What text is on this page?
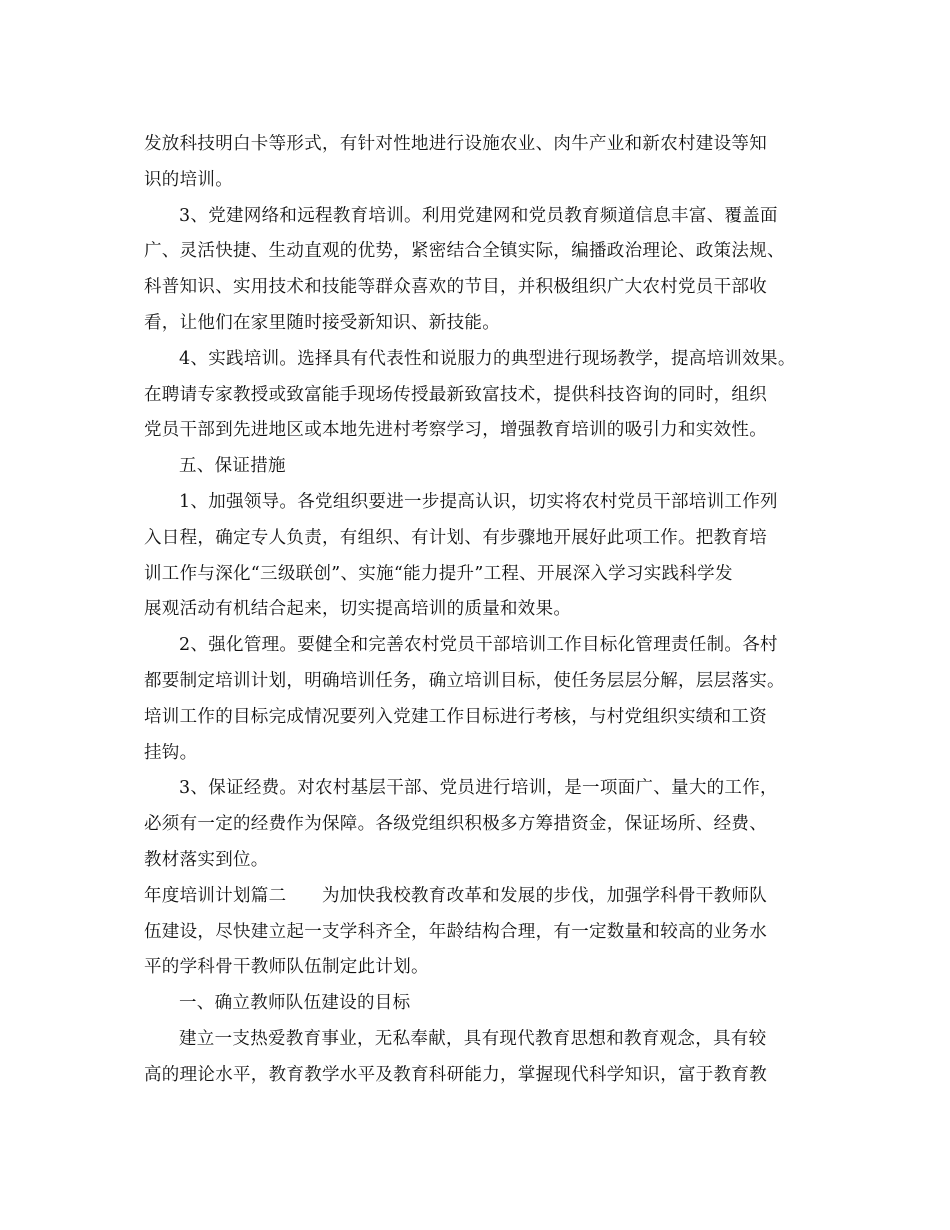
发放科技明白卡等形式，有针对性地进行设施农业、肉牛产业和新农村建设等知
识的培训。
3、党建网络和远程教育培训。利用党建网和党员教育频道信息丰富、覆盖面
广、灵活快捷、生动直观的优势，紧密结合全镇实际，编播政治理论、政策法规、
科普知识、实用技术和技能等群众喜欢的节目，并积极组织广大农村党员干部收
看，让他们在家里随时接受新知识、新技能。
4、实践培训。选择具有代表性和说服力的典型进行现场教学，提高培训效果。
在聘请专家教授或致富能手现场传授最新致富技术，提供科技咨询的同时，组织
党员干部到先进地区或本地先进村考察学习，增强教育培训的吸引力和实效性。
五、保证措施
1、加强领导。各党组织要进一步提高认识，切实将农村党员干部培训工作列
入日程，确定专人负责，有组织、有计划、有步骤地开展好此项工作。把教育培
训工作与深化“三级联创”、实施“能力提升”工程、开展深入学习实践科学发
展观活动有机结合起来，切实提高培训的质量和效果。
2、强化管理。要健全和完善农村党员干部培训工作目标化管理责任制。各村
都要制定培训计划，明确培训任务，确立培训目标，使任务层层分解，层层落实。
培训工作的目标完成情况要列入党建工作目标进行考核，与村党组织实绩和工资
挂钩。
3、保证经费。对农村基层干部、党员进行培训，是一项面广、量大的工作，
必须有一定的经费作为保障。各级党组织积极多方筹措资金，保证场所、经费、
教材落实到位。
年度培训计划篇二　　为加快我校教育改革和发展的步伐，加强学科骨干教师队
伍建设，尽快建立起一支学科齐全，年龄结构合理，有一定数量和较高的业务水
平的学科骨干教师队伍制定此计划。
一、确立教师队伍建设的目标
建立一支热爱教育事业，无私奉献，具有现代教育思想和教育观念，具有较
高的理论水平，教育教学水平及教育科研能力，掌握现代科学知识，富于教育教
